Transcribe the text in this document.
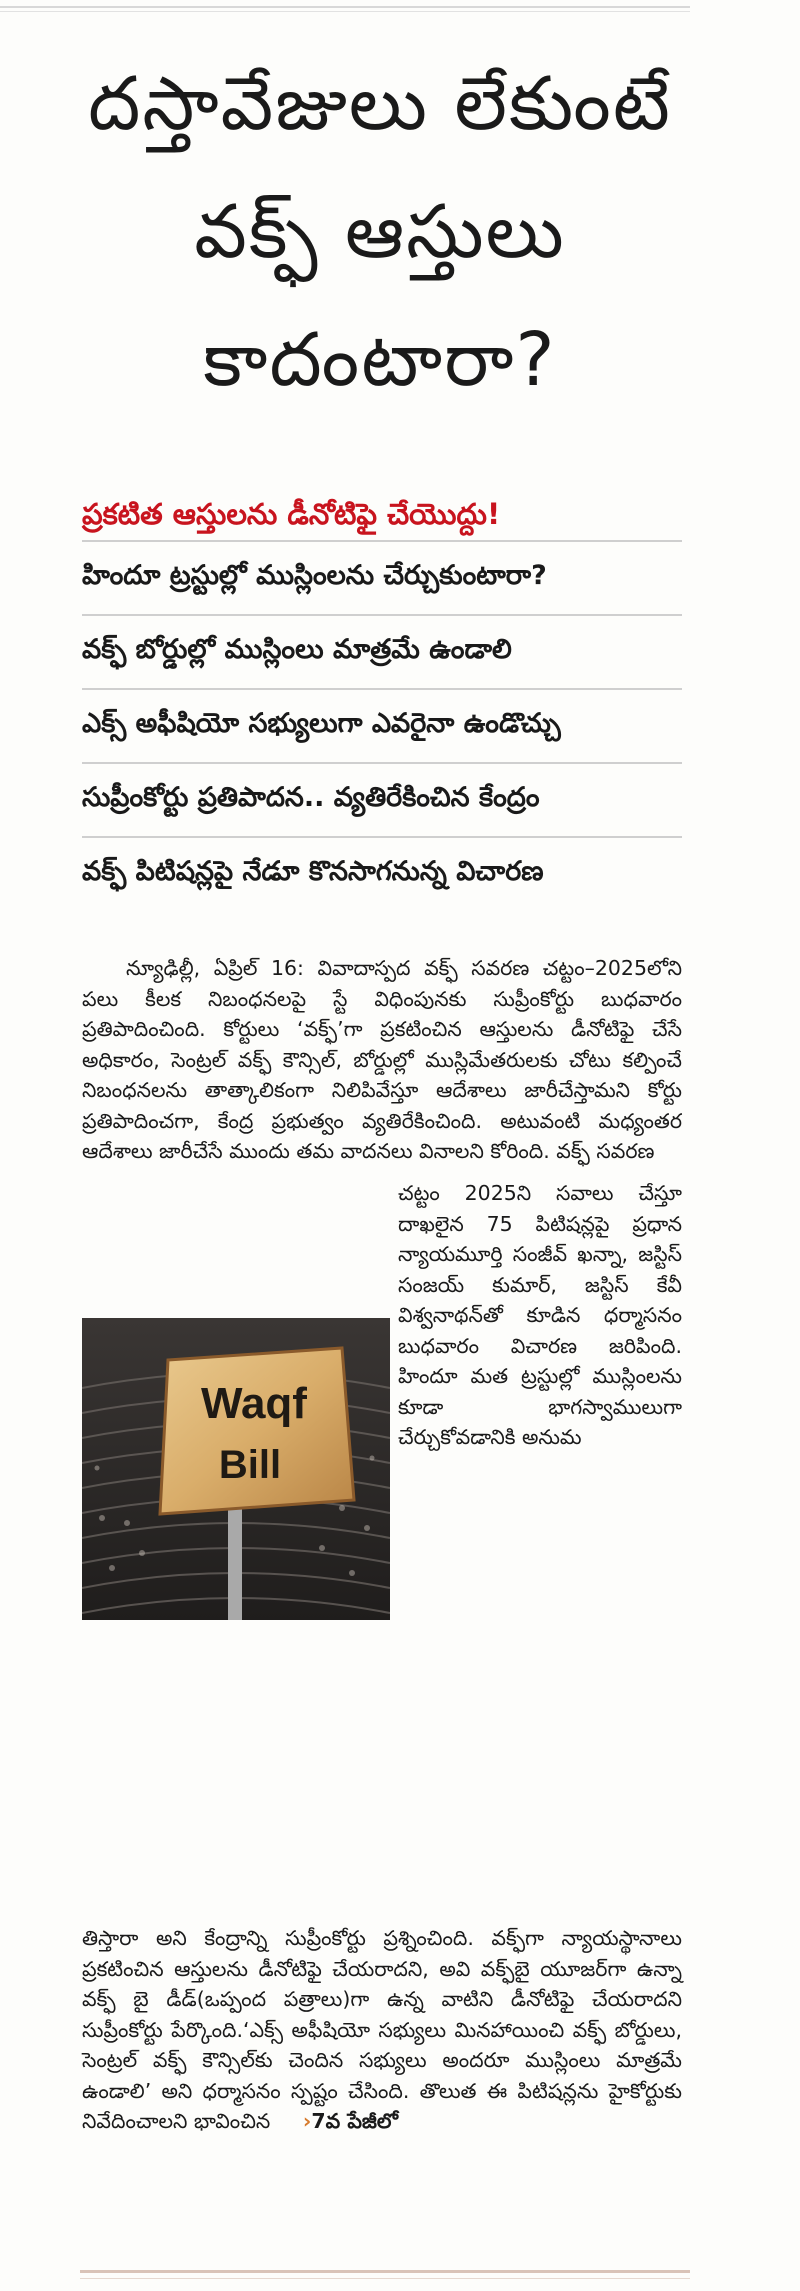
దస్తావేజులు లేకుంటే
వక్ఫ్ ఆస్తులు
కాదంటారా?
ప్రకటిత ఆస్తులను డీనోటిఫై చేయొద్దు!
హిందూ ట్రస్టుల్లో ముస్లింలను చేర్చుకుంటారా?
వక్ఫ్ బోర్డుల్లో ముస్లింలు మాత్రమే ఉండాలి
ఎక్స్ అఫీషియో సభ్యులుగా ఎవరైనా ఉండొచ్చు
సుప్రీంకోర్టు ప్రతిపాదన.. వ్యతిరేకించిన కేంద్రం
వక్ఫ్ పిటిషన్లపై నేడూ కొనసాగనున్న విచారణ

న్యూఢిల్లీ, ఏప్రిల్ 16: వివాదాస్పద వక్ఫ్ సవరణ చట్టం–2025లోని పలు కీలక నిబంధనలపై స్టే విధింపునకు సుప్రీంకోర్టు బుధవారం ప్రతిపాదించింది. కోర్టులు ‘వక్ఫ్’గా ప్రకటించిన ఆస్తులను డీనోటిఫై చేసే అధికారం, సెంట్రల్ వక్ఫ్ కౌన్సిల్, బోర్డుల్లో ముస్లిమేతరులకు చోటు కల్పించే నిబంధనలను తాత్కాలికంగా నిలిపివేస్తూ ఆదేశాలు జారీచేస్తామని కోర్టు ప్రతిపాదించగా, కేంద్ర ప్రభుత్వం వ్యతిరేకించింది. అటువంటి మధ్యంతర ఆదేశాలు జారీచేసే ముందు తమ వాదనలు వినాలని కోరింది. వక్ఫ్ సవరణ

Waqf
Bill

చట్టం 2025ని సవాలు చేస్తూ దాఖలైన 75 పిటిషన్లపై ప్రధాన న్యాయమూర్తి సంజీవ్ ఖన్నా, జస్టిస్ సంజయ్ కుమార్, జస్టిస్ కేవీ విశ్వనాథన్‌తో కూడిన ధర్మాసనం బుధవారం విచారణ జరిపింది. హిందూ మత ట్రస్టుల్లో ముస్లింలను కూడా భాగస్వాములుగా చేర్చుకోవడానికి అనుమ

తిస్తారా అని కేంద్రాన్ని సుప్రీంకోర్టు ప్రశ్నించింది. వక్ఫ్‌గా న్యాయస్థానాలు ప్రకటించిన ఆస్తులను డీనోటిఫై చేయరాదని, అవి వక్ఫ్‌బై యూజర్‌గా ఉన్నా వక్ఫ్ బై డీడ్(ఒప్పంద పత్రాలు)గా ఉన్న వాటిని డీనోటిఫై చేయరాదని సుప్రీంకోర్టు పేర్కొంది.‘ఎక్స్ అఫీషియో సభ్యులు మినహాయించి వక్ఫ్ బోర్డులు, సెంట్రల్ వక్ఫ్ కౌన్సిల్‌కు చెందిన సభ్యులు అందరూ ముస్లింలు మాత్రమే ఉండాలి’ అని ధర్మాసనం స్పష్టం చేసింది. తొలుత ఈ పిటిషన్లను హైకోర్టుకు నివేదించాలని భావించిన ›7వ పేజీలో
